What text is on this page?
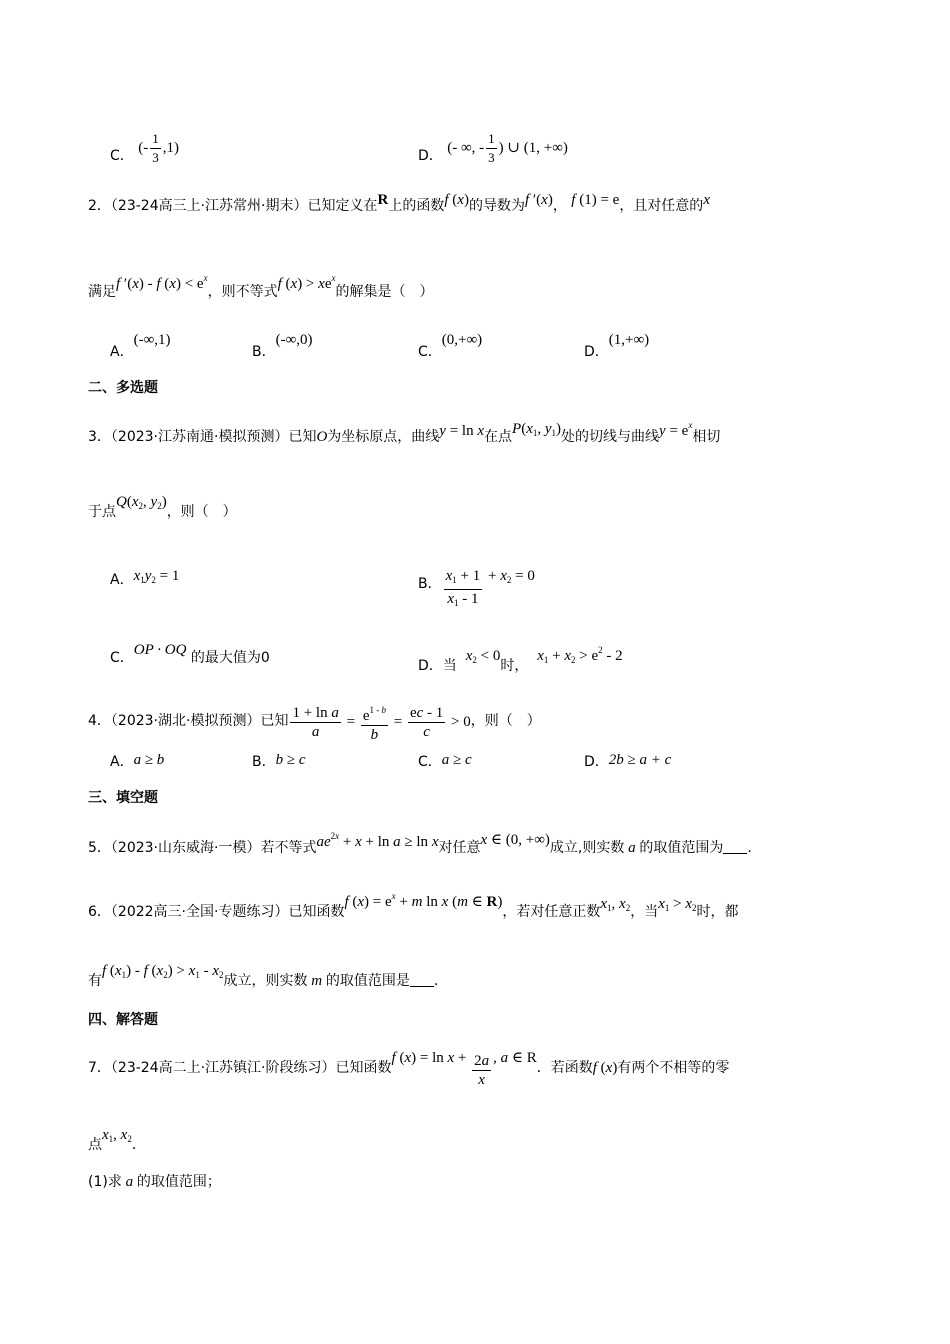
C． (- $\frac{1}{3} ,1$)	D． (- ∞, - $\frac{1}{3}$ ) ∪ (1, +∞)
2．（23-24高三上·江苏常州·期末）已知定义在R上的函数f (x)的导数为f ′(x)， f (1) = e，且对任意的x
满足f ′(x) - f $(x) < e^x$，则不等式f $(x) > xe^x$的解集是（　）
A．(-∞,1)
B．(-∞,0)
C．(0,+∞)
D．(1,+∞)
二、多选题
3．（2023·江苏南通·模拟预测）已知O为坐标原点，曲线y = ln x在点$P(x_1$, $y_1$)处的切线与曲线$y = e^x$相切
于点$Q(x_2$, $y_2$)，则（　）
A．$x_1y_2 = 1$	B． $\frac{x_1 + 1}{x_1 - 1} + x_2 = 0$
C．OP · OQ 的最大值为0	D．当  $x_2 < 0$时，  $x_1 + x_2 > e^2 - 2$
4．（2023·湖北·模拟预测）已知 $\frac{\text{1 + ln a}}{a} = \frac{e^{1 - b}}{b} = \frac{ec - 1}{c} > 0$，则（　）
A．a ≥ b	B．b ≥ c	C．a ≥ c	D．2b ≥ a + c
三、填空题
5．（2023·山东威海·一模）若不等式$ae^{2x} + x + \ln a \ge \ln x$对任意x ∈ (0, +∞)成立,则实数 a 的取值范围为 .
6．（2022高三·全国·专题练习）已知函数f $(x) = e^x + m$ ln x (m ∈ R)，若对任意正数$x_1$, $x_2$，当$x_1 > x_2$时，都
有f $(x_1)$ - f $(x_2) > x_1 - x_2$成立，则实数 m 的取值范围是 .
四、解答题
7．（23-24高二上·江苏镇江·阶段练习）已知函数f $(x) = \ln x + \frac{2a}{x}$ , a ∈ R．若函数f (x)有两个不相等的零
点$x_1$, $x_2$．
(1)求 a 的取值范围；
